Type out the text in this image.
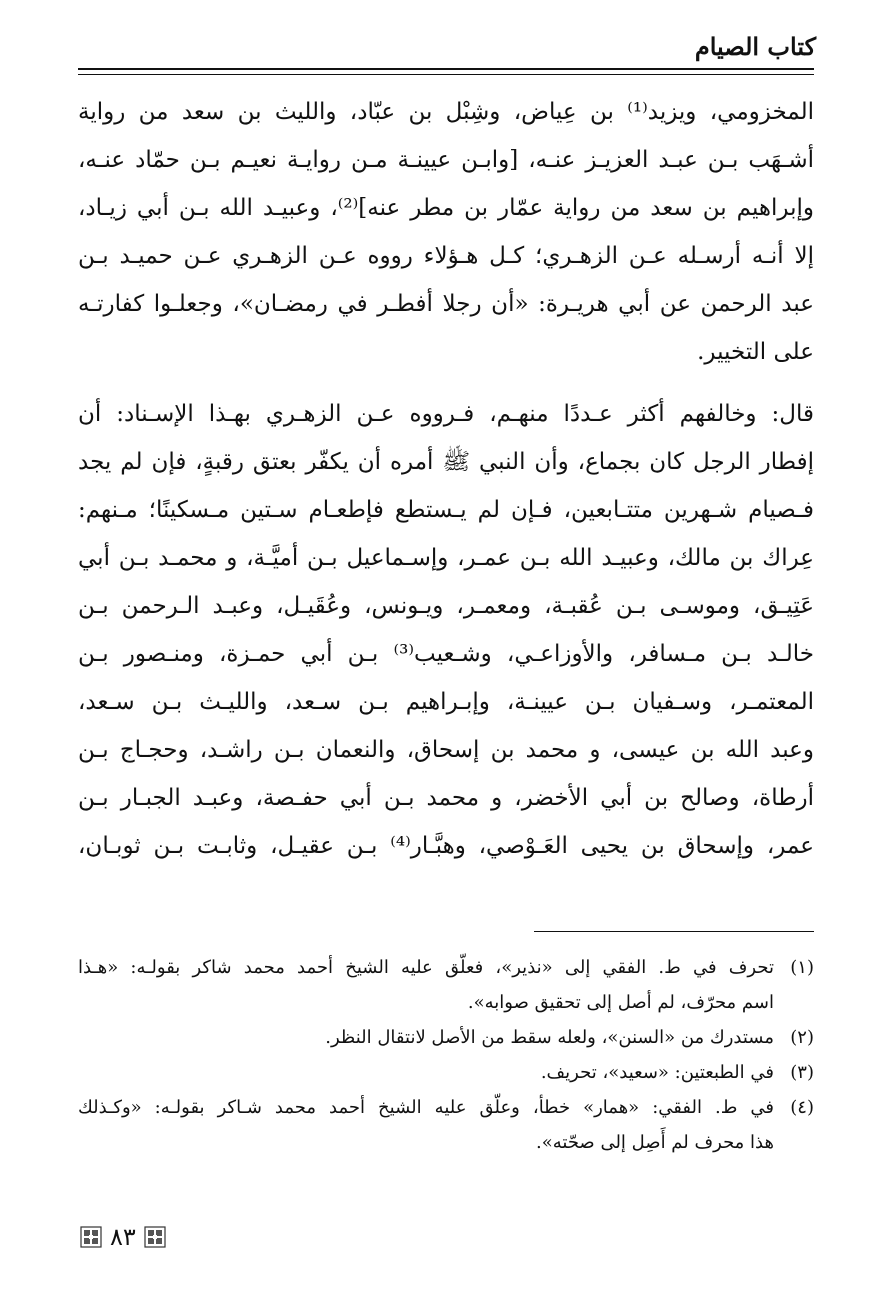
كتاب الصيام
المخزومي، ويزيد⁽¹⁾ بن عِياض، وشِبْل بن عبّاد، والليث بن سعد من رواية
أشـهَب بـن عبـد العزيـز عنـه، [وابـن عيينـة مـن روايـة نعيـم بـن حمّاد عنـه،
وإبراهيم بن سعد من رواية عمّار بن مطر عنه]⁽²⁾، وعبيـد الله بـن أبي زيـاد،
إلا أنـه أرسـله عـن الزهـري؛ كـل هـؤلاء رووه عـن الزهـري عـن حميـد بـن
عبد الرحمن عن أبي هريـرة: «أن رجلا أفطـر في رمضـان»، وجعلـوا كفارتـه
على التخيير.
قال: وخالفهم أكثر عـددًا منهـم، فـرووه عـن الزهـري بهـذا الإسـناد: أن
إفطار الرجل كان بجماع، وأن النبي ﷺ أمره أن يكفّر بعتق رقبةٍ، فإن لم يجد
فـصيام شـهرين متتـابعين، فـإن لم يـستطع فإطعـام سـتين مـسكينًا؛ مـنهم:
عِراك بن مالك، وعبيـد الله بـن عمـر، وإسـماعيل بـن أميَّـة، و محمـد بـن أبي
عَتِيـق، وموسـى بـن عُقبـة، ومعمـر، ويـونس، وعُقَيـل، وعبـد الـرحمن بـن
خالـد بـن مـسافر، والأوزاعـي، وشـعيب⁽³⁾ بـن أبي حمـزة، ومنـصور بـن
المعتمـر، وسـفيان بـن عيينـة، وإبـراهيم بـن سـعد، والليـث بـن سـعد،
وعبد الله بن عيسى، و محمد بن إسحاق، والنعمان بـن راشـد، وحجـاج بـن
أرطاة، وصالح بن أبي الأخضر، و محمد بـن أبي حفـصة، وعبـد الجبـار بـن
عمر، وإسحاق بن يحيى العَـوْصي، وهبَّـار⁽⁴⁾ بـن عقيـل، وثابـت بـن ثوبـان،
(١)
تحرف في ط. الفقي إلى «نذير»، فعلّق عليه الشيخ أحمد محمد شاكر بقولـه: «هـذا
اسم محرّف، لم أصل إلى تحقيق صوابه».
(٢)
مستدرك من «السنن»، ولعله سقط من الأصل لانتقال النظر.
(٣)
في الطبعتين: «سعيد»، تحريف.
(٤)
في ط. الفقي: «همار» خطأ، وعلّق عليه الشيخ أحمد محمد شـاكر بقولـه: «وكـذلك
هذا محرف لم أَصِل إلى صحّته».
٨٣
